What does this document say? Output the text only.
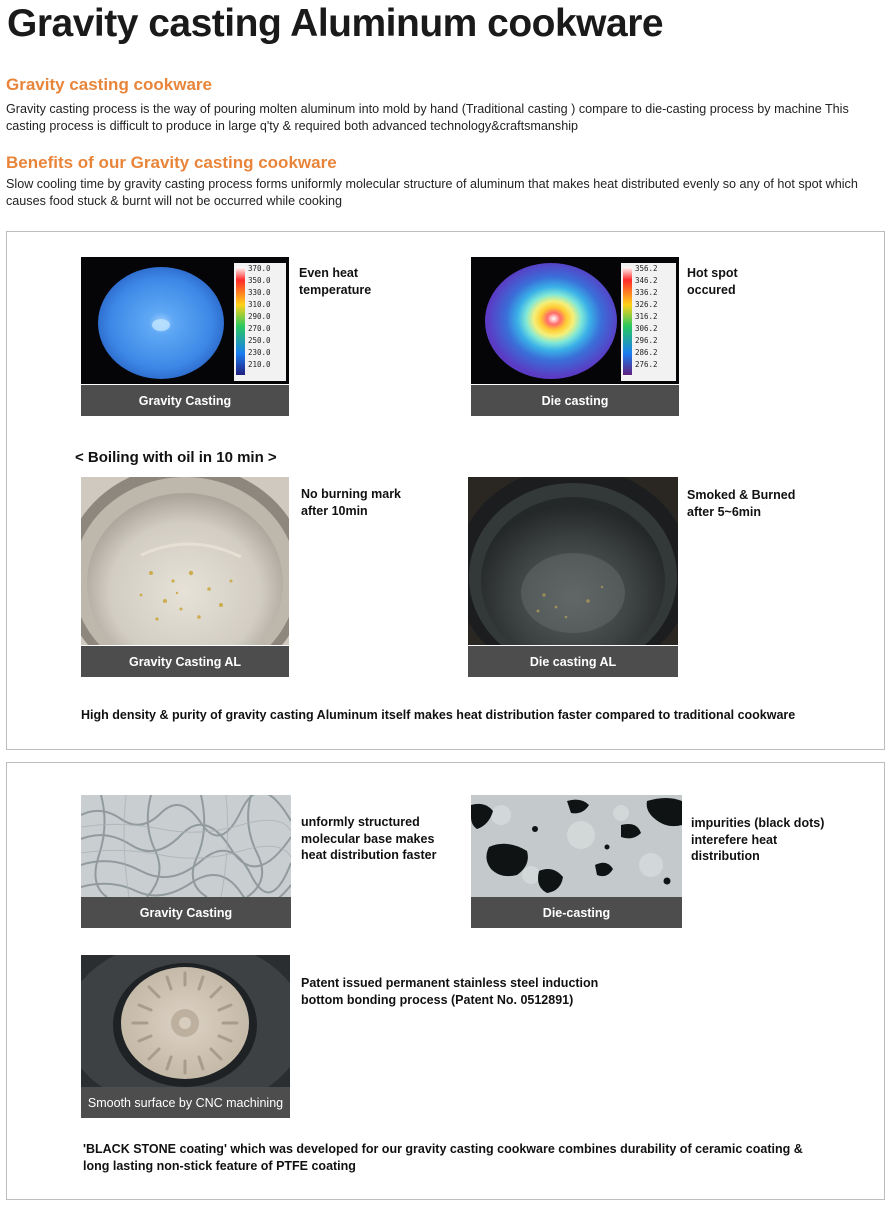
Gravity casting Aluminum cookware
Gravity casting cookware
Gravity casting process is the way of pouring molten aluminum into mold by hand (Traditional casting ) compare to die-casting process by machine This casting process is difficult to produce in large q'ty & required both advanced technology&craftsmanship
Benefits of our Gravity casting cookware
Slow cooling time by gravity casting process forms uniformly molecular structure of aluminum that makes heat distributed evenly so any of hot spot which causes food stuck & burnt will not be occurred while cooking
370.0
350.0
330.0
310.0
290.0
270.0
250.0
230.0
210.0
Gravity Casting
Even heat
temperature
356.2
346.2
336.2
326.2
316.2
306.2
296.2
286.2
276.2
Die casting
Hot spot
occured
< Boiling with oil in 10 min >
Gravity Casting AL
No burning mark
after 10min
Die casting AL
Smoked & Burned
after 5~6min
High density & purity of gravity casting Aluminum itself makes heat distribution faster compared to traditional cookware
Gravity Casting
unformly structured
molecular base makes
heat distribution faster
Die-casting
impurities (black dots)
interefere heat
distribution
Smooth surface by CNC machining
Patent issued permanent stainless steel induction
bottom bonding process (Patent No. 0512891)
'BLACK STONE coating' which was developed for our gravity casting cookware combines durability of ceramic coating &
long lasting non-stick feature of PTFE coating
